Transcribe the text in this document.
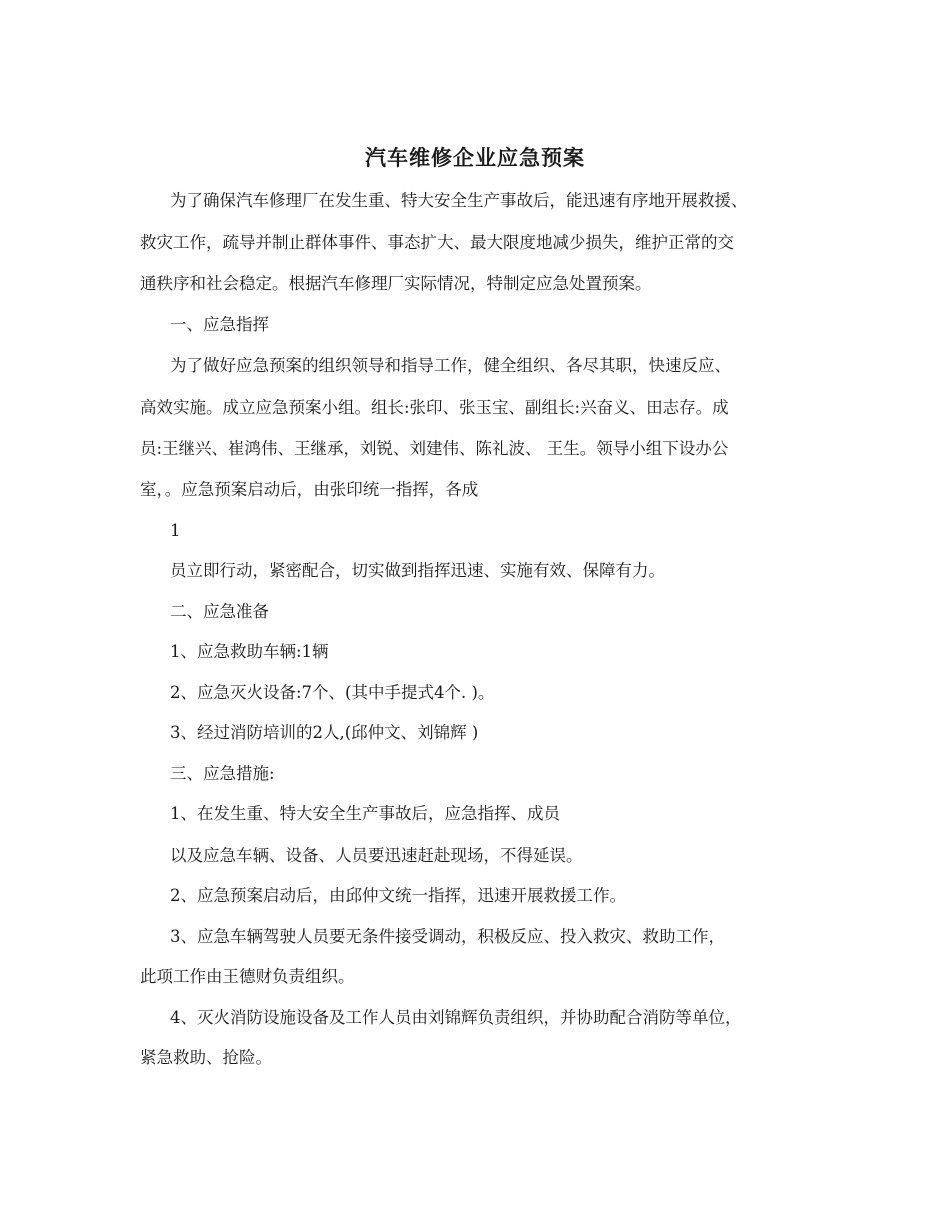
汽车维修企业应急预案

为了确保汽车修理厂在发生重、特大安全生产事故后，能迅速有序地开展救援、

救灾工作，疏导并制止群体事件、事态扩大、最大限度地减少损失，维护正常的交

通秩序和社会稳定。根据汽车修理厂实际情况，特制定应急处置预案。

一、应急指挥

为了做好应急预案的组织领导和指导工作，健全组织、各尽其职，快速反应、

高效实施。成立应急预案小组。组长:张印、张玉宝、副组长:兴奋义、田志存。成

员:王继兴、崔鸿伟、王继承，刘锐、刘建伟、陈礼波、 王生。领导小组下设办公

室，。应急预案启动后，由张印统一指挥，各成

1

员立即行动，紧密配合，切实做到指挥迅速、实施有效、保障有力。

二、应急准备

1、应急救助车辆:1辆

2、应急灭火设备:7个、(其中手提式4个. )。

3、经过消防培训的2人,(邱仲文、刘锦辉 )

三、应急措施:

1、在发生重、特大安全生产事故后，应急指挥、成员

以及应急车辆、设备、人员要迅速赶赴现场，不得延误。

2、应急预案启动后，由邱仲文统一指挥，迅速开展救援工作。

3、应急车辆驾驶人员要无条件接受调动，积极反应、投入救灾、救助工作，

此项工作由王德财负责组织。

4、灭火消防设施设备及工作人员由刘锦辉负责组织，并协助配合消防等单位，

紧急救助、抢险。
